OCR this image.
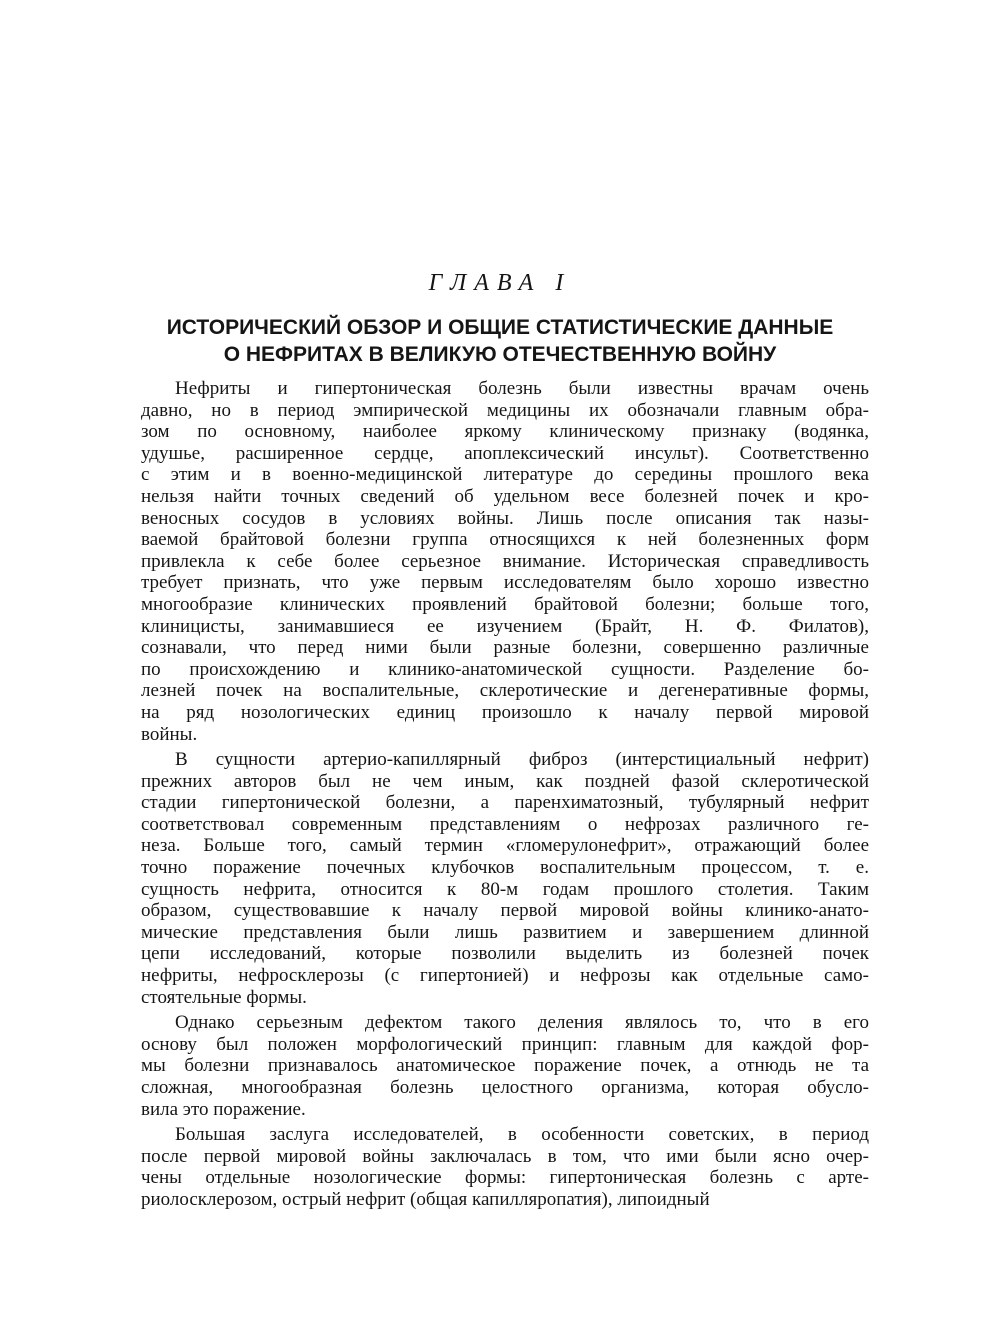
ГЛАВА I
ИСТОРИЧЕСКИЙ ОБЗОР И ОБЩИЕ СТАТИСТИЧЕСКИЕ ДАННЫЕ
О НЕФРИТАХ В ВЕЛИКУЮ ОТЕЧЕСТВЕННУЮ ВОЙНУ
Нефриты и гипертоническая болезнь были известны врачам очень
давно, но в период эмпирической медицины их обозначали главным обра-
зом по основному, наиболее яркому клиническому признаку (водянка,
удушье, расширенное сердце, апоплексический инсульт). Соответственно
с этим и в военно-медицинской литературе до середины прошлого века
нельзя найти точных сведений об удельном весе болезней почек и кро-
веносных сосудов в условиях войны. Лишь после описания так назы-
ваемой брайтовой болезни группа относящихся к ней болезненных форм
привлекла к себе более серьезное внимание. Историческая справедливость
требует признать, что уже первым исследователям было хорошо известно
многообразие клинических проявлений брайтовой болезни; больше того,
клиницисты, занимавшиеся ее изучением (Брайт, Н. Ф. Филатов),
сознавали, что перед ними были разные болезни, совершенно различные
по происхождению и клинико-анатомической сущности. Разделение бо-
лезней почек на воспалительные, склеротические и дегенеративные формы,
на ряд нозологических единиц произошло к началу первой мировой
войны.
В сущности артерио-капиллярный фиброз (интерстициальный нефрит)
прежних авторов был не чем иным, как поздней фазой склеротической
стадии гипертонической болезни, а паренхиматозный, тубулярный нефрит
соответствовал современным представлениям о нефрозах различного ге-
неза. Больше того, самый термин «гломерулонефрит», отражающий более
точно поражение почечных клубочков воспалительным процессом, т. е.
сущность нефрита, относится к 80-м годам прошлого столетия. Таким
образом, существовавшие к началу первой мировой войны клинико-анато-
мические представления были лишь развитием и завершением длинной
цепи исследований, которые позволили выделить из болезней почек
нефриты, нефросклерозы (с гипертонией) и нефрозы как отдельные само-
стоятельные формы.
Однако серьезным дефектом такого деления являлось то, что в его
основу был положен морфологический принцип: главным для каждой фор-
мы болезни признавалось анатомическое поражение почек, а отнюдь не та
сложная, многообразная болезнь целостного организма, которая обусло-
вила это поражение.
Большая заслуга исследователей, в особенности советских, в период
после первой мировой войны заключалась в том, что ими были ясно очер-
чены отдельные нозологические формы: гипертоническая болезнь с арте-
риолосклерозом, острый нефрит (общая капилляропатия), липоидный
